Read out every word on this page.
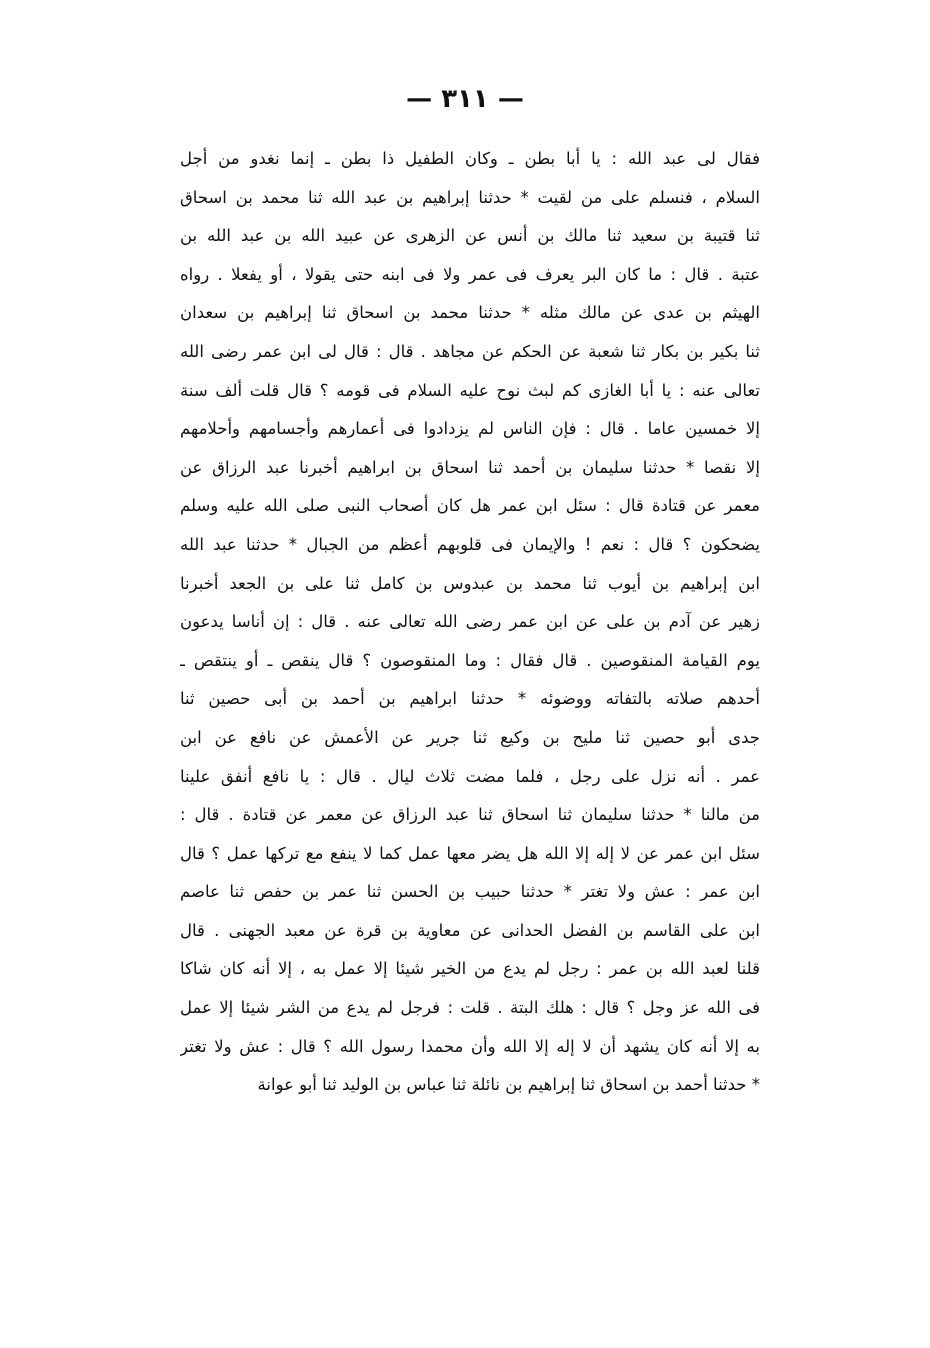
— ٣١١ —
فقال لى عبد الله : يا أبا بطن ـ وكان الطفيل ذا بطن ـ إنما نغدو من أجل
السلام ، فنسلم على من لقيت * حدثنا إبراهيم بن عبد الله ثنا محمد بن اسحاق
ثنا قتيبة بن سعيد ثنا مالك بن أنس عن الزهرى عن عبيد الله بن عبد الله بن
عتبة . قال : ما كان البر يعرف فى عمر ولا فى ابنه حتى يقولا ، أو يفعلا . رواه
الهيثم بن عدى عن مالك مثله * حدثنا محمد بن اسحاق ثنا إبراهيم بن سعدان
ثنا بكير بن بكار ثنا شعبة عن الحكم عن مجاهد . قال : قال لى ابن عمر رضى الله
تعالى عنه : يا أبا الغازى كم لبث نوح عليه السلام فى قومه ؟ قال قلت ألف سنة
إلا خمسين عاما . قال : فإن الناس لم يزدادوا فى أعمارهم وأجسامهم وأحلامهم
إلا نقصا * حدثنا سليمان بن أحمد ثنا اسحاق بن ابراهيم أخبرنا عبد الرزاق عن
معمر عن قتادة قال : سئل ابن عمر هل كان أصحاب النبى صلى الله عليه وسلم
يضحكون ؟ قال : نعم ! والإيمان فى قلوبهم أعظم من الجبال * حدثنا عبد الله
ابن إبراهيم بن أيوب ثنا محمد بن عبدوس بن كامل ثنا على بن الجعد أخبرنا
زهير عن آدم بن على عن ابن عمر رضى الله تعالى عنه . قال : إن أناسا يدعون
يوم القيامة المنقوصين . قال فقال : وما المنقوصون ؟ قال ينقص ـ أو ينتقص ـ
أحدهم صلاته بالتفاته ووضوئه * حدثنا ابراهيم بن أحمد بن أبى حصين ثنا
جدى أبو حصين ثنا مليح بن وكيع ثنا جرير عن الأعمش عن نافع عن ابن
عمر . أنه نزل على رجل ، فلما مضت ثلاث ليال . قال : يا نافع أنفق علينا
من مالنا * حدثنا سليمان ثنا اسحاق ثنا عبد الرزاق عن معمر عن قتادة . قال :
سئل ابن عمر عن لا إله إلا الله هل يضر معها عمل كما لا ينفع مع تركها عمل ؟ قال
ابن عمر : عش ولا تغتر * حدثنا حبيب بن الحسن ثنا عمر بن حفص ثنا عاصم
ابن على القاسم بن الفضل الحدانى عن معاوية بن قرة عن معبد الجهنى . قال
قلنا لعبد الله بن عمر : رجل لم يدع من الخير شيئا إلا عمل به ، إلا أنه كان شاكا
فى الله عز وجل ؟ قال : هلك البتة . قلت : فرجل لم يدع من الشر شيئا إلا عمل
به إلا أنه كان يشهد أن لا إله إلا الله وأن محمدا رسول الله ؟ قال : عش ولا تغتر
* حدثنا أحمد بن اسحاق ثنا إبراهيم بن نائلة ثنا عباس بن الوليد ثنا أبو عوانة
